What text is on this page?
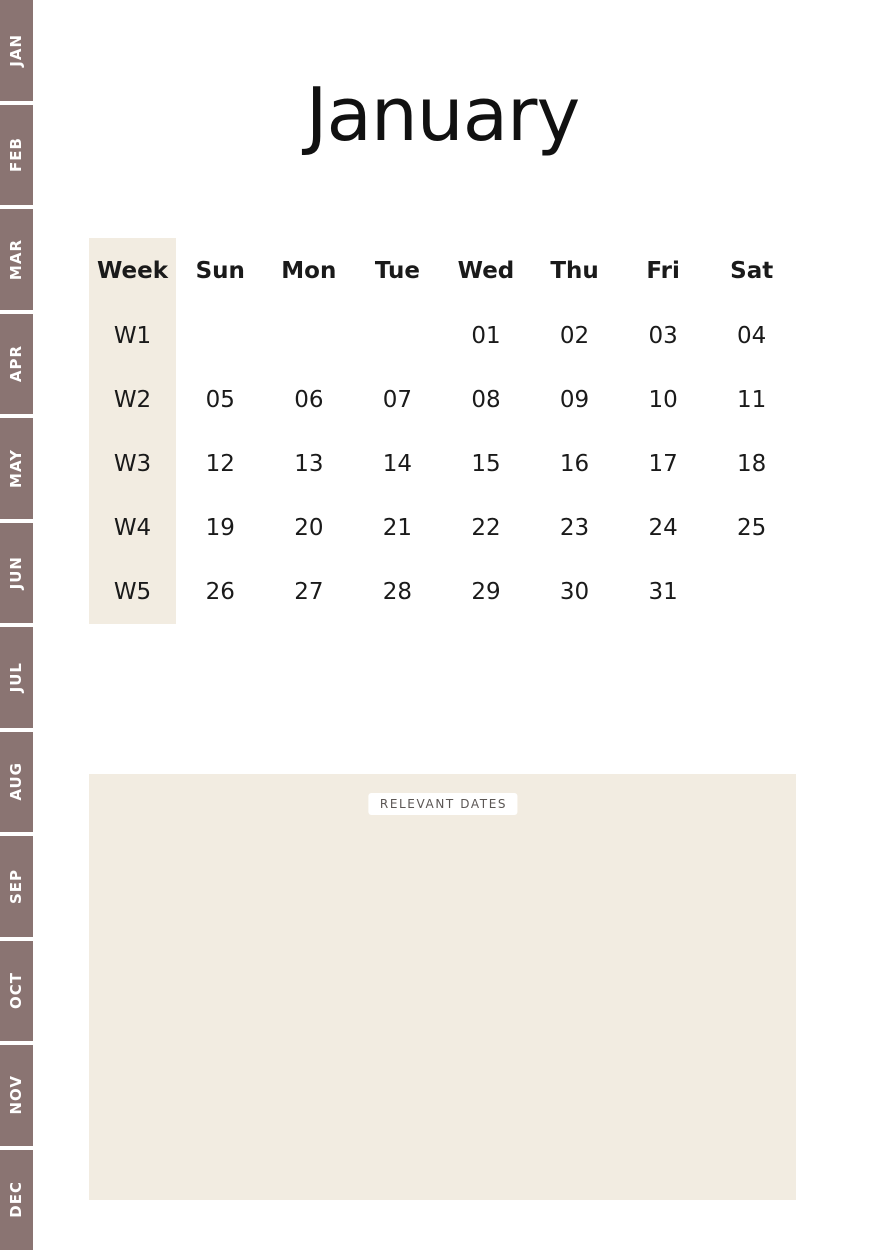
JAN
FEB
MAR
APR
MAY
JUN
JUL
AUG
SEP
OCT
NOV
DEC
January
Week	Sun	Mon	Tue	Wed	Thu	Fri	Sat
W1				01	02	03	04
W2	05	06	07	08	09	10	11
W3	12	13	14	15	16	17	18
W4	19	20	21	22	23	24	25
W5	26	27	28	29	30	31	
RELEVANT DATES
